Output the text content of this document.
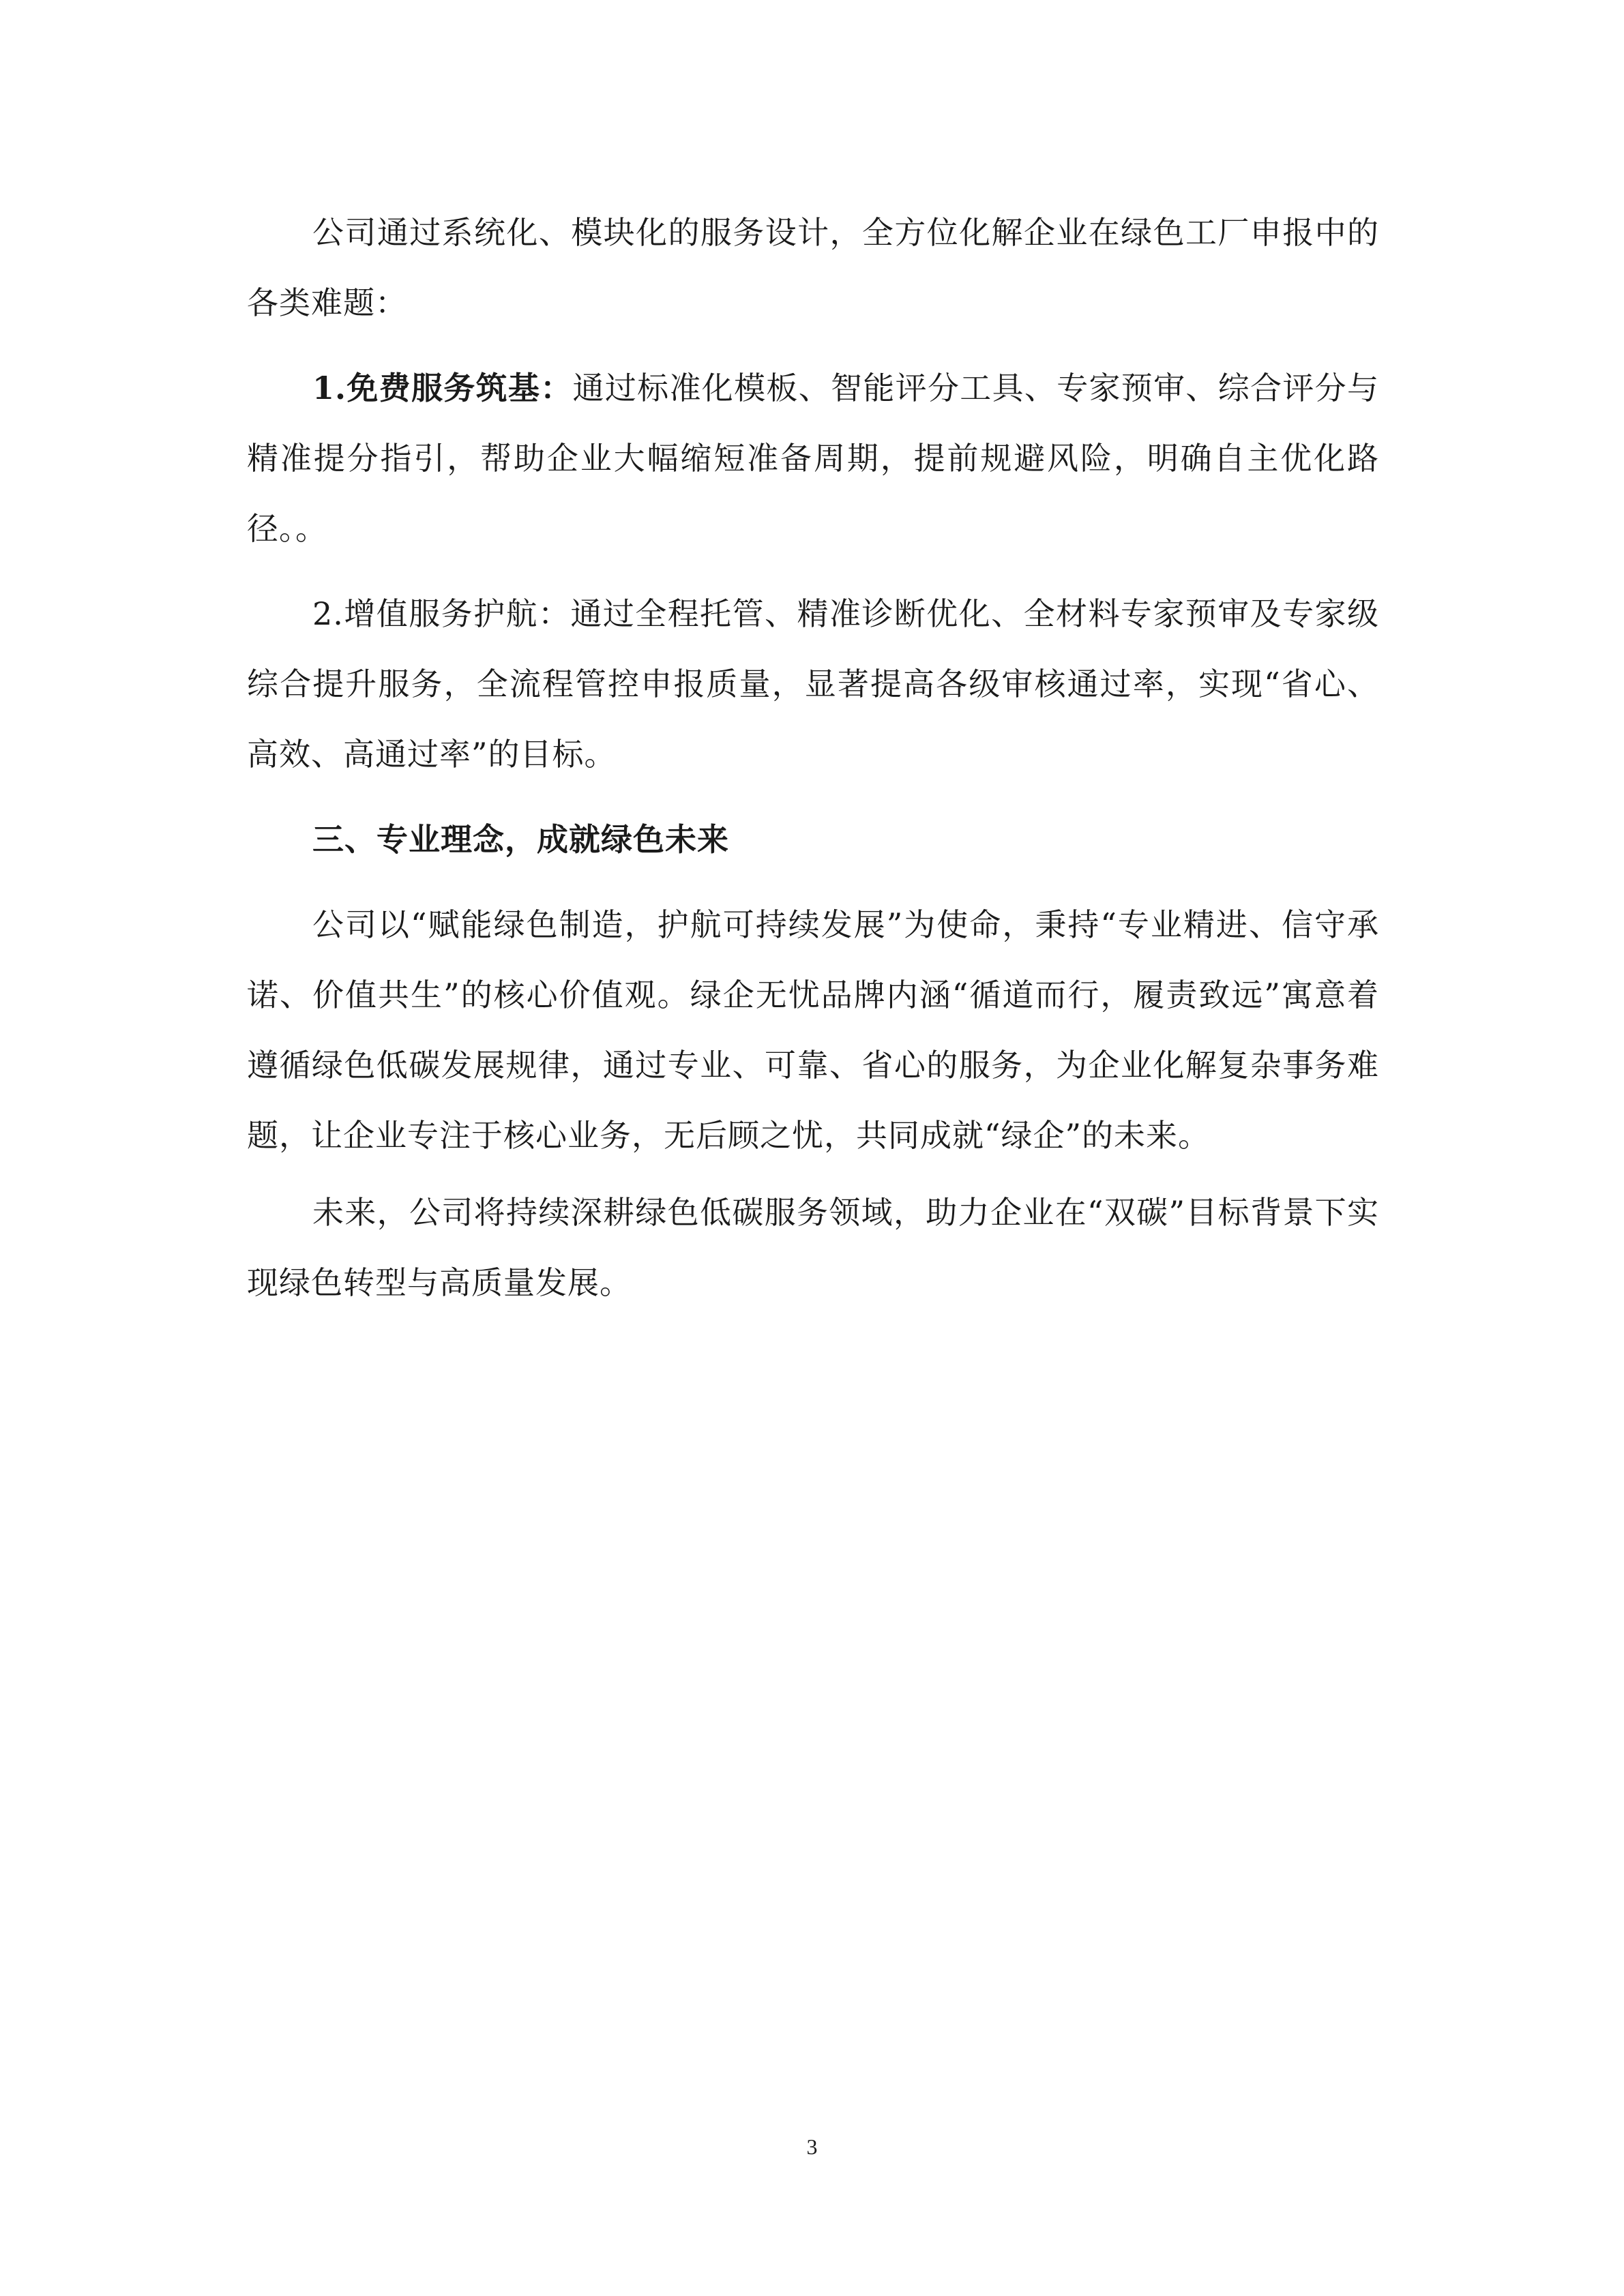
公司通过系统化、模块化的服务设计，全方位化解企业在绿色工厂申报中的各类难题：

1.免费服务筑基：通过标准化模板、智能评分工具、专家预审、综合评分与精准提分指引，帮助企业大幅缩短准备周期，提前规避风险，明确自主优化路径。。

2.增值服务护航：通过全程托管、精准诊断优化、全材料专家预审及专家级综合提升服务，全流程管控申报质量，显著提高各级审核通过率，实现“省心、高效、高通过率”的目标。

三、专业理念，成就绿色未来

公司以“赋能绿色制造，护航可持续发展”为使命，秉持“专业精进、信守承诺、价值共生”的核心价值观。绿企无忧品牌内涵“循道而行，履责致远”寓意着遵循绿色低碳发展规律，通过专业、可靠、省心的服务，为企业化解复杂事务难题，让企业专注于核心业务，无后顾之忧，共同成就“绿企”的未来。

未来，公司将持续深耕绿色低碳服务领域，助力企业在“双碳”目标背景下实现绿色转型与高质量发展。

3
